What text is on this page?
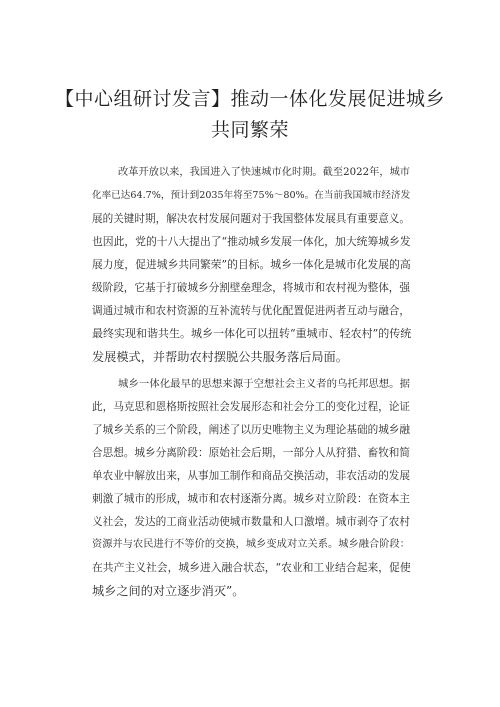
【中心组研讨发言】推动一体化发展促进城乡
共同繁荣

改革开放以来，我国进入了快速城市化时期。截至2022年，城市

化率已达64.7%，预计到2035年将至75%～80%。在当前我国城市经济发

展的关键时期，解决农村发展问题对于我国整体发展具有重要意义。

也因此，党的十八大提出了“推动城乡发展一体化，加大统筹城乡发

展力度，促进城乡共同繁荣”的目标。城乡一体化是城市化发展的高

级阶段，它基于打破城乡分割壁垒理念，将城市和农村视为整体，强

调通过城市和农村资源的互补流转与优化配置促进两者互动与融合，

最终实现和谐共生。城乡一体化可以扭转“重城市、轻农村”的传统

发展模式，并帮助农村摆脱公共服务落后局面。

城乡一体化最早的思想来源于空想社会主义者的乌托邦思想。据

此，马克思和恩格斯按照社会发展形态和社会分工的变化过程，论证

了城乡关系的三个阶段，阐述了以历史唯物主义为理论基础的城乡融

合思想。城乡分离阶段：原始社会后期，一部分人从狩猎、畜牧和简

单农业中解放出来，从事加工制作和商品交换活动，非农活动的发展

刺激了城市的形成，城市和农村逐渐分离。城乡对立阶段：在资本主

义社会，发达的工商业活动使城市数量和人口激增。城市剥夺了农村

资源并与农民进行不等价的交换，城乡变成对立关系。城乡融合阶段：

在共产主义社会，城乡进入融合状态，“农业和工业结合起来，促使

城乡之间的对立逐步消灭”。
